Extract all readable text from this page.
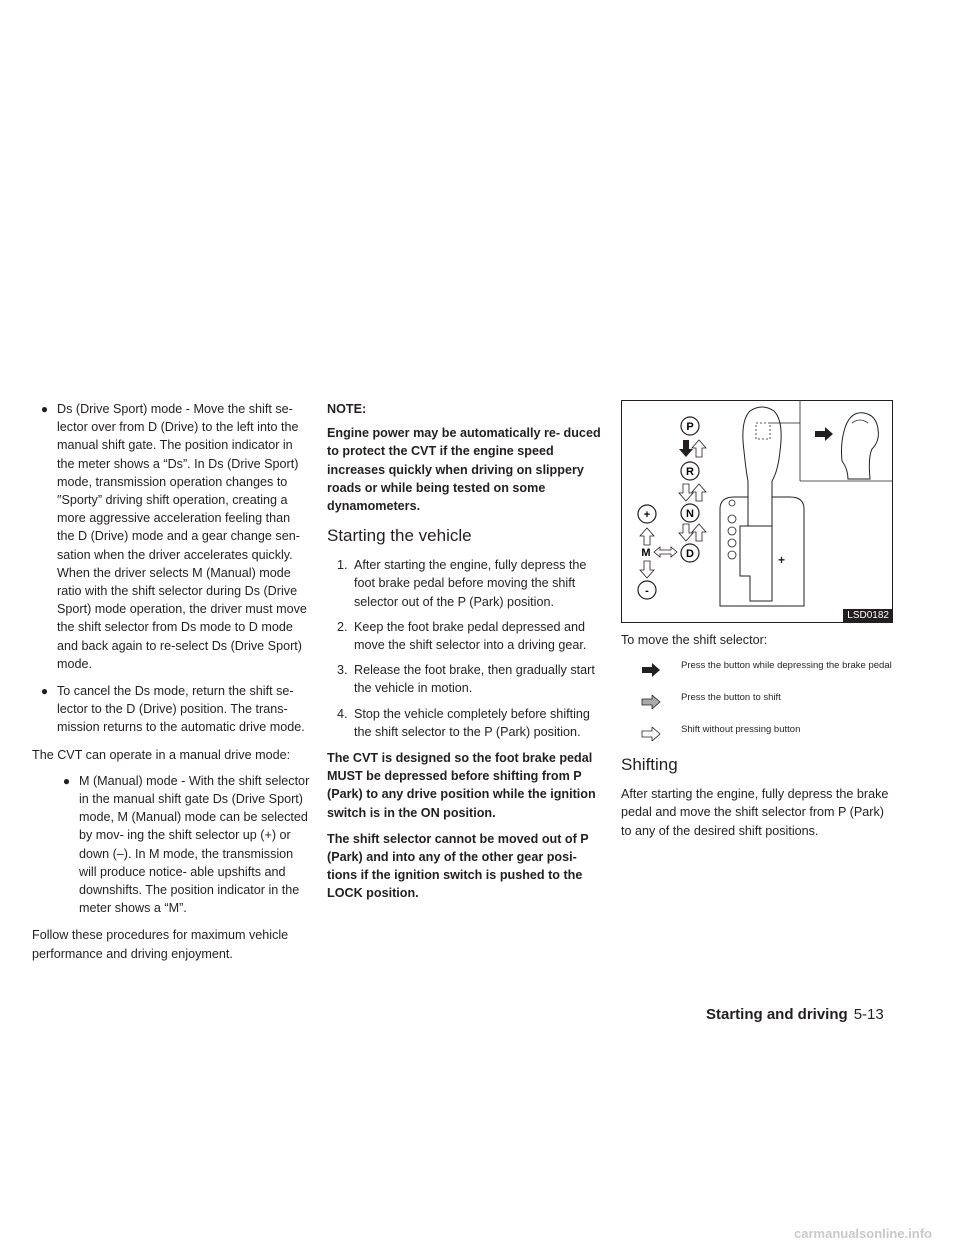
● Ds (Drive Sport) mode - Move the shift se- lector over from D (Drive) to the left into the manual shift gate. The position indicator in the meter shows a “Ds”. In Ds (Drive Sport) mode, transmission operation changes to ″Sporty” driving shift operation, creating a more aggressive acceleration feeling than the D (Drive) mode and a gear change sen- sation when the driver accelerates quickly. When the driver selects M (Manual) mode ratio with the shift selector during Ds (Drive Sport) mode operation, the driver must move the shift selector from Ds mode to D mode and back again to re-select Ds (Drive Sport) mode.
● To cancel the Ds mode, return the shift se- lector to the D (Drive) position. The trans- mission returns to the automatic drive mode.

The CVT can operate in a manual drive mode:

● M (Manual) mode - With the shift selector in the manual shift gate Ds (Drive Sport) mode, M (Manual) mode can be selected by mov- ing the shift selector up (+) or down (–). In M mode, the transmission will produce notice- able upshifts and downshifts. The position indicator in the meter shows a “M”.

Follow these procedures for maximum vehicle performance and driving enjoyment.

NOTE:

Engine power may be automatically re- duced to protect the CVT if the engine speed increases quickly when driving on slippery roads or while being tested on some dynamometers.

Starting the vehicle
1. After starting the engine, fully depress the foot brake pedal before moving the shift selector out of the P (Park) position.
2. Keep the foot brake pedal depressed and move the shift selector into a driving gear.
3. Release the foot brake, then gradually start the vehicle in motion.
4. Stop the vehicle completely before shifting the shift selector to the P (Park) position.

The CVT is designed so the foot brake pedal MUST be depressed before shifting from P (Park) to any drive position while the ignition switch is in the ON position.

The shift selector cannot be moved out of P (Park) and into any of the other gear posi- tions if the ignition switch is pushed to the LOCK position.

P
R
N
D
+
M
-
+
LSD0182

To move the shift selector:

Press the button while depressing the brake pedal
Press the button to shift
Shift without pressing button
Shifting

After starting the engine, fully depress the brake pedal and move the shift selector from P (Park) to any of the desired shift positions.

Starting and driving 5-13
carmanualsonline.info
